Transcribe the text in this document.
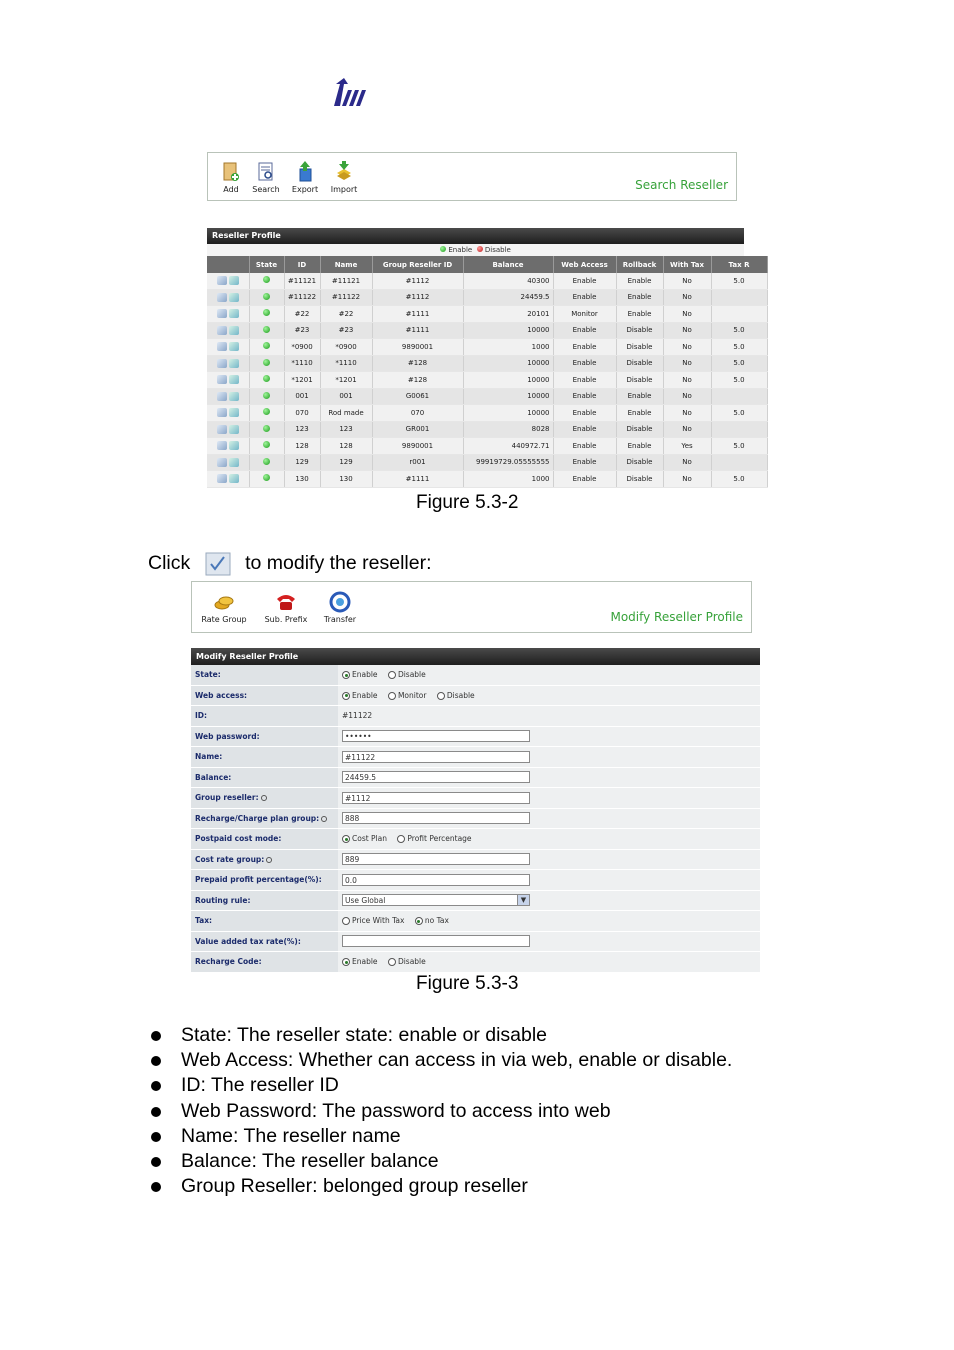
Add	Search	Export	Import	Search Reseller
Reseller Profile
Enable Disable
	State	ID	Name	Group Reseller ID	Balance	Web Access	Rollback	With Tax	Tax R
		#11121	#11121	#1112	40300	Enable	Enable	No	5.0
		#11122	#11122	#1112	24459.5	Enable	Enable	No	
		#22	#22	#1111	20101	Monitor	Enable	No	
		#23	#23	#1111	10000	Enable	Disable	No	5.0
		*0900	*0900	9890001	1000	Enable	Disable	No	5.0
		*1110	*1110	#128	10000	Enable	Disable	No	5.0
		*1201	*1201	#128	10000	Enable	Disable	No	5.0
		001	001	G0061	10000	Enable	Enable	No	
		070	Rod made	070	10000	Enable	Enable	No	5.0
		123	123	GR001	8028	Enable	Disable	No	
		128	128	9890001	440972.71	Enable	Enable	Yes	5.0
		129	129	r001	99919729.05555555	Enable	Disable	No	
		130	130	#1111	1000	Enable	Disable	No	5.0
Figure 5.3-2
Click	to modify the reseller:
Rate Group	Sub. Prefix	Transfer	Modify Reseller Profile
Modify Reseller Profile
State:	Enable Disable
Web access:	Enable Monitor Disable
ID:	#11122
Web password:	••••••
Name:	#11122
Balance:	24459.5
Group reseller:	#1112
Recharge/Charge plan group:	888
Postpaid cost mode:	Cost Plan Profit Percentage
Cost rate group:	889
Prepaid profit percentage(%):	0.0
Routing rule:	Use Global ▼

Tax:	Price With Tax no Tax
Value added tax rate(%):	
Recharge Code:	Enable Disable
Figure 5.3-3
State: The reseller state: enable or disable
Web Access: Whether can access in via web, enable or disable.
ID: The reseller ID
Web Password: The password to access into web
Name: The reseller name
Balance: The reseller balance
Group Reseller: belonged group reseller
